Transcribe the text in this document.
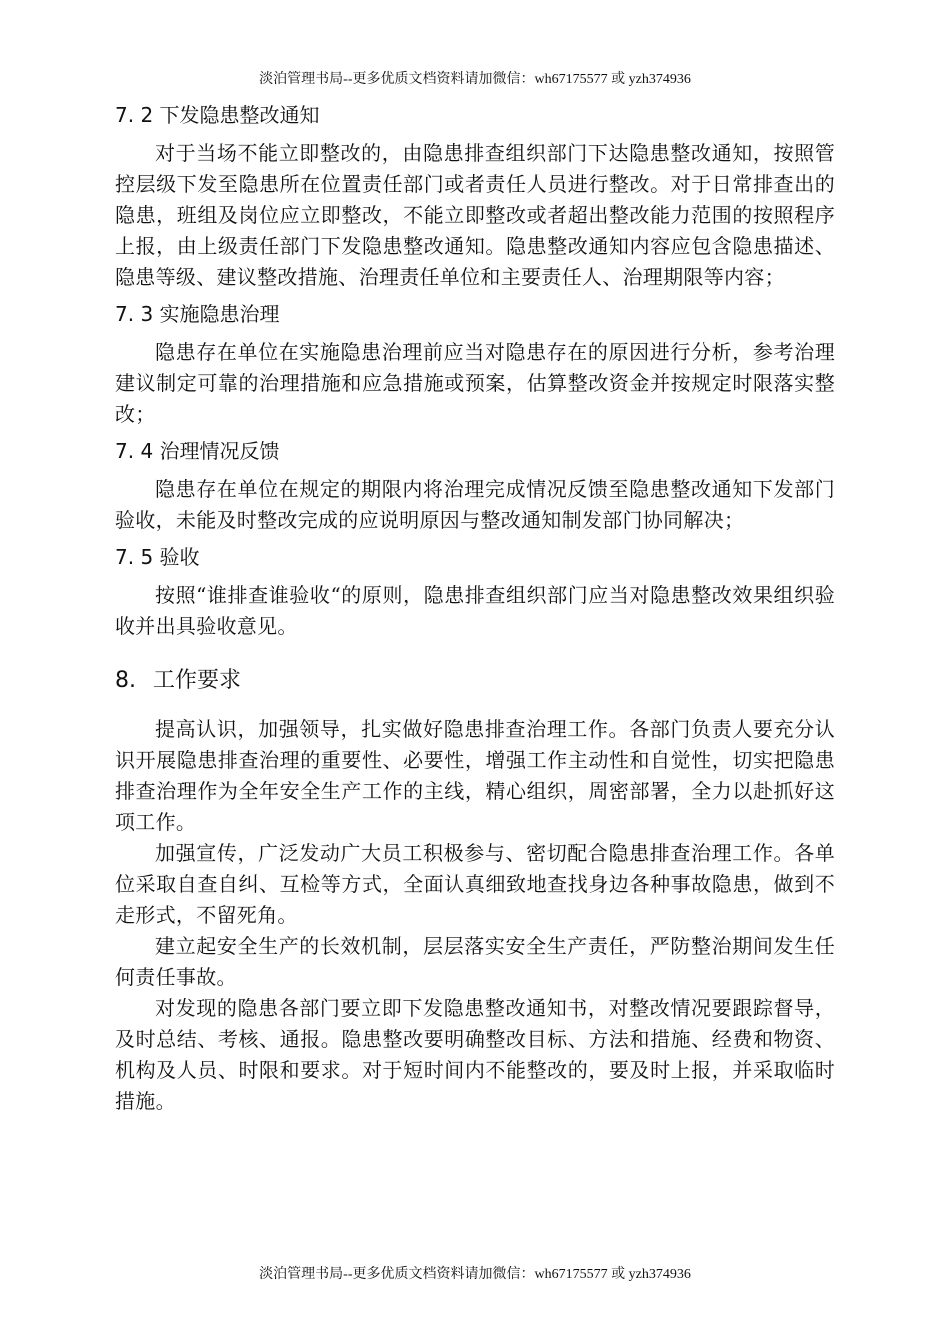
淡泊管理书局--更多优质文档资料请加微信：wh67175577 或 yzh374936
7. 2 下发隐患整改通知

对于当场不能立即整改的，由隐患排查组织部门下达隐患整改通知，按照管控层级下发至隐患所在位置责任部门或者责任人员进行整改。对于日常排查出的隐患，班组及岗位应立即整改，不能立即整改或者超出整改能力范围的按照程序上报，由上级责任部门下发隐患整改通知。隐患整改通知内容应包含隐患描述、隐患等级、建议整改措施、治理责任单位和主要责任人、治理期限等内容；

7. 3 实施隐患治理

隐患存在单位在实施隐患治理前应当对隐患存在的原因进行分析，参考治理建议制定可靠的治理措施和应急措施或预案，估算整改资金并按规定时限落实整改；

7. 4 治理情况反馈

隐患存在单位在规定的期限内将治理完成情况反馈至隐患整改通知下发部门验收，未能及时整改完成的应说明原因与整改通知制发部门协同解决；

7. 5 验收

按照“谁排查谁验收“的原则，隐患排查组织部门应当对隐患整改效果组织验收并出具验收意见。

8. 工作要求

提高认识，加强领导，扎实做好隐患排查治理工作。各部门负责人要充分认识开展隐患排查治理的重要性、必要性，增强工作主动性和自觉性，切实把隐患排查治理作为全年安全生产工作的主线，精心组织，周密部署，全力以赴抓好这项工作。

加强宣传，广泛发动广大员工积极参与、密切配合隐患排查治理工作。各单位采取自查自纠、互检等方式，全面认真细致地查找身边各种事故隐患，做到不走形式，不留死角。

建立起安全生产的长效机制，层层落实安全生产责任，严防整治期间发生任何责任事故。

对发现的隐患各部门要立即下发隐患整改通知书，对整改情况要跟踪督导，及时总结、考核、通报。隐患整改要明确整改目标、方法和措施、经费和物资、机构及人员、时限和要求。对于短时间内不能整改的，要及时上报，并采取临时措施。

淡泊管理书局--更多优质文档资料请加微信：wh67175577 或 yzh374936
